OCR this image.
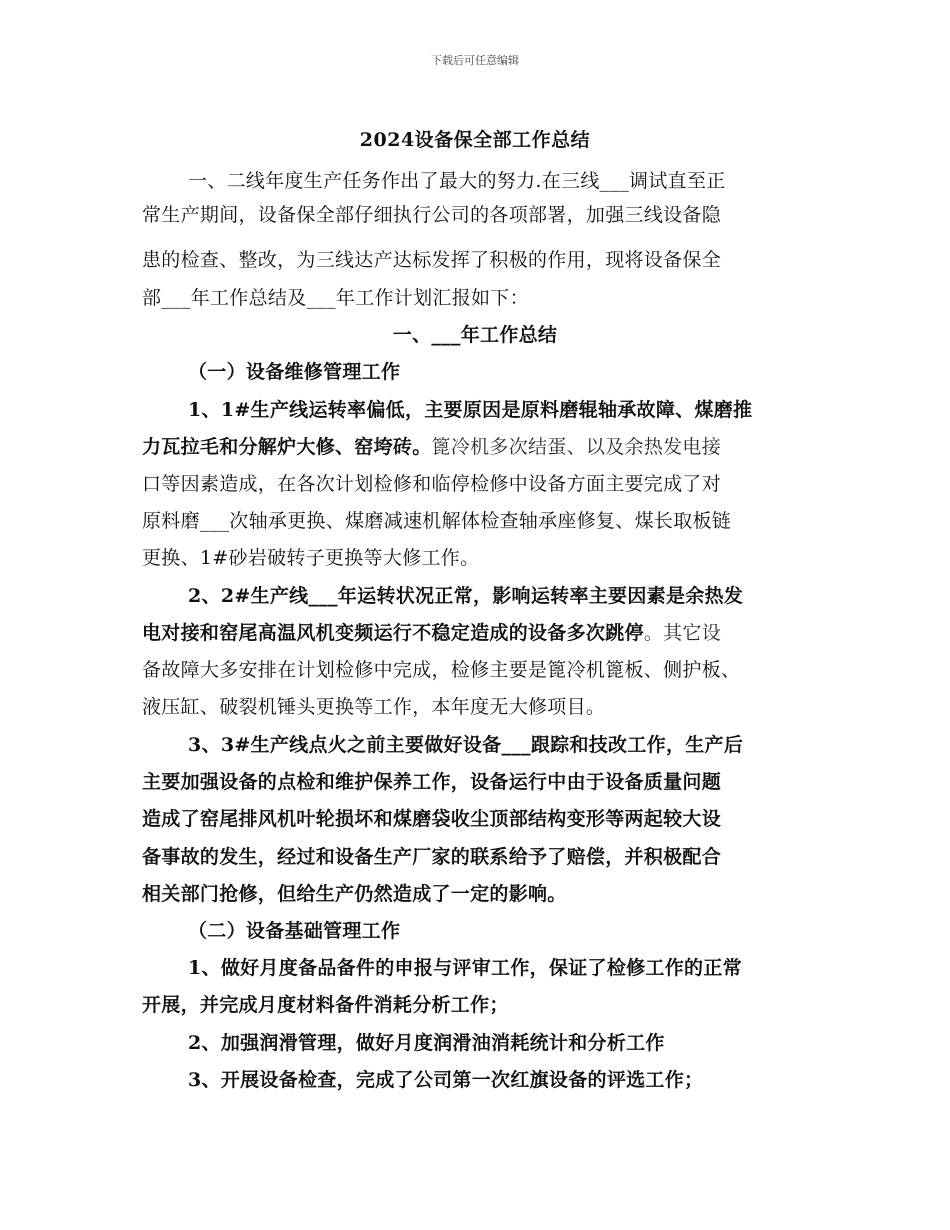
下载后可任意编辑
2024设备保全部工作总结
一、二线年度生产任务作出了最大的努力.在三线___调试直至正
常生产期间，设备保全部仔细执行公司的各项部署，加强三线设备隐
患的检查、整改，为三线达产达标发挥了积极的作用，现将设备保全
部___年工作总结及___年工作计划汇报如下：
一、___年工作总结
（一）设备维修管理工作
1、1#生产线运转率偏低，主要原因是原料磨辊轴承故障、煤磨推
力瓦拉毛和分解炉大修、窑垮砖。篦冷机多次结蛋、以及余热发电接
口等因素造成，在各次计划检修和临停检修中设备方面主要完成了对
原料磨___次轴承更换、煤磨减速机解体检查轴承座修复、煤长取板链
更换、1#砂岩破转子更换等大修工作。
2、2#生产线___年运转状况正常，影响运转率主要因素是余热发
电对接和窑尾高温风机变频运行不稳定造成的设备多次跳停。其它设
备故障大多安排在计划检修中完成，检修主要是篦冷机篦板、侧护板、
液压缸、破裂机锤头更换等工作，本年度无大修项目。
3、3#生产线点火之前主要做好设备___跟踪和技改工作，生产后
主要加强设备的点检和维护保养工作，设备运行中由于设备质量问题
造成了窑尾排风机叶轮损坏和煤磨袋收尘顶部结构变形等两起较大设
备事故的发生，经过和设备生产厂家的联系给予了赔偿，并积极配合
相关部门抢修，但给生产仍然造成了一定的影响。
（二）设备基础管理工作
1、做好月度备品备件的申报与评审工作，保证了检修工作的正常
开展，并完成月度材料备件消耗分析工作；
2、加强润滑管理，做好月度润滑油消耗统计和分析工作
3、开展设备检查，完成了公司第一次红旗设备的评选工作；
